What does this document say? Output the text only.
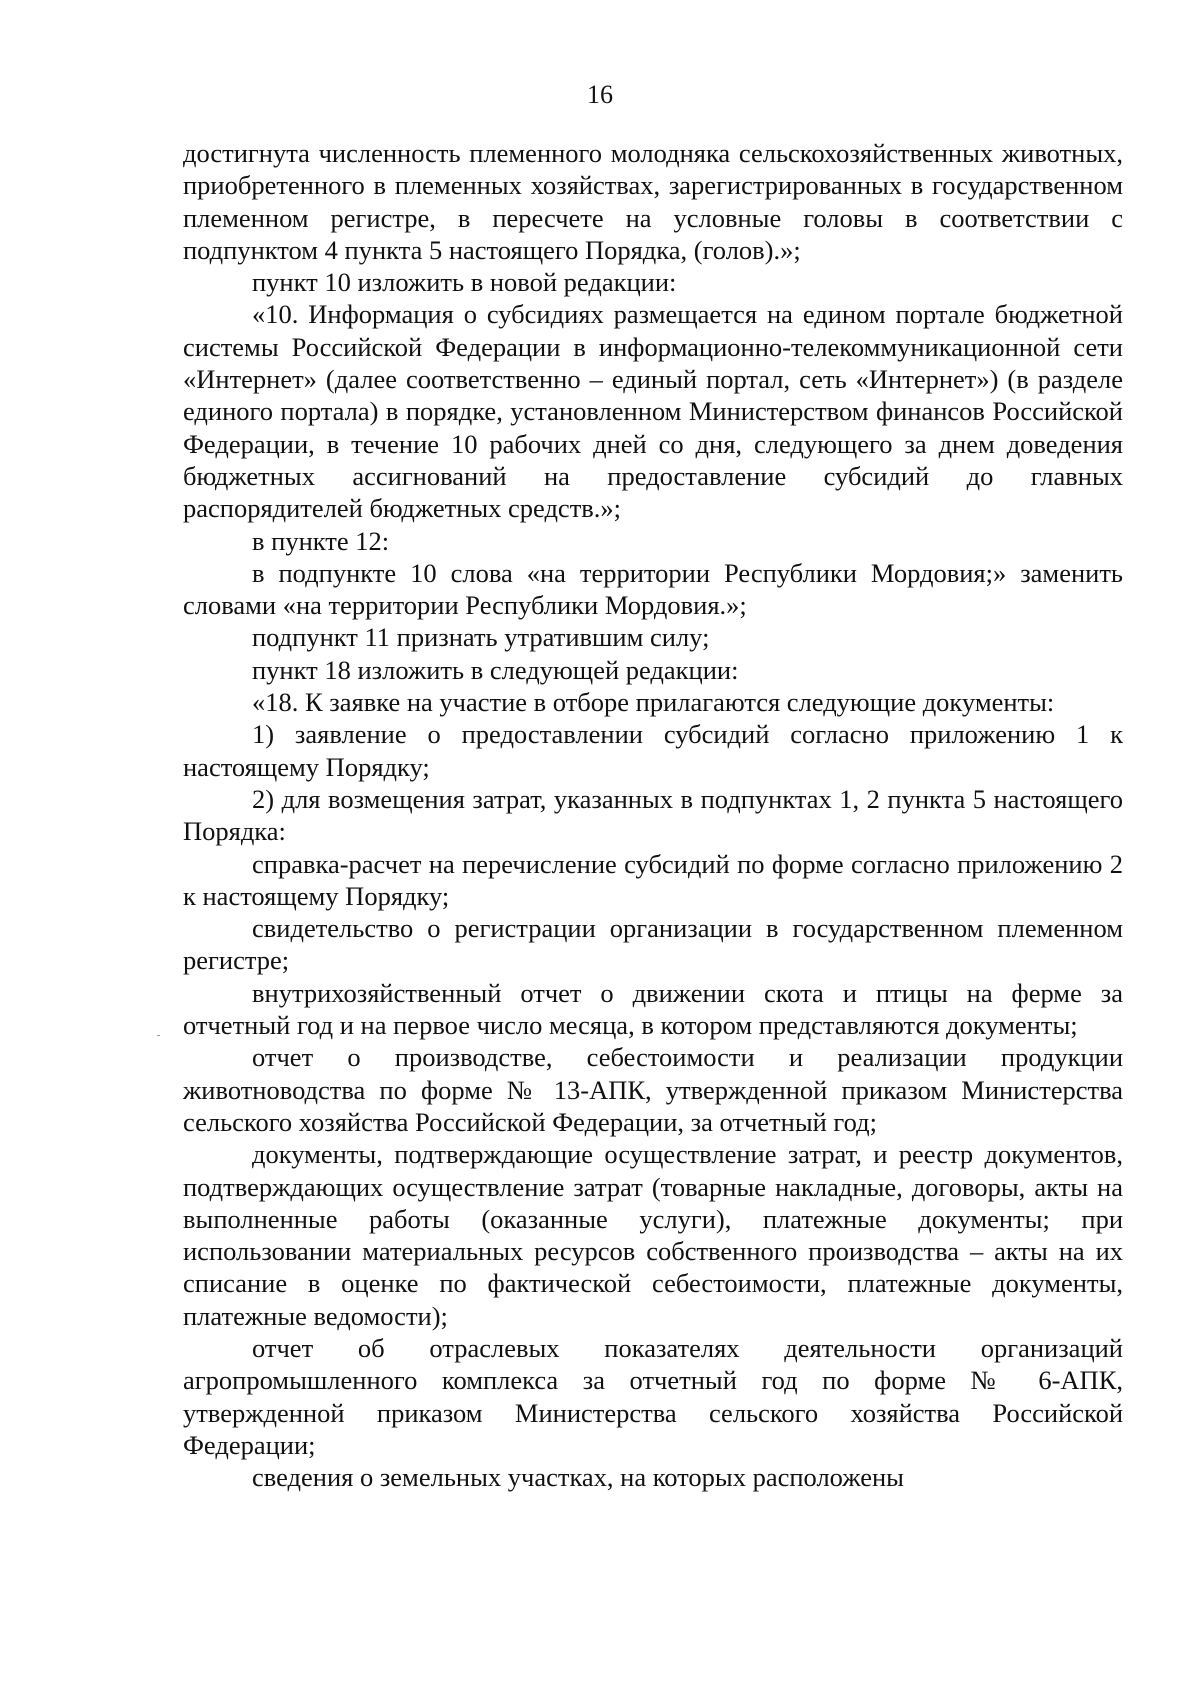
16

достигнута численность племенного молодняка сельскохозяйственных животных, приобретенного в племенных хозяйствах, зарегистрированных в государственном племенном регистре, в пересчете на условные головы в соответствии с подпунктом 4 пункта 5 настоящего Порядка, (голов).»;

пункт 10 изложить в новой редакции:

«10. Информация о субсидиях размещается на едином портале бюджетной системы Российской Федерации в информационно-телекоммуникационной сети «Интернет» (далее соответственно – единый портал, сеть «Интернет») (в разделе единого портала) в порядке, установленном Министерством финансов Российской Федерации, в течение 10 рабочих дней со дня, следующего за днем доведения бюджетных ассигнований на предоставление субсидий до главных распорядителей бюджетных средств.»;

в пункте 12:

в подпункте 10 слова «на территории Республики Мордовия;» заменить словами «на территории Республики Мордовия.»;

подпункт 11 признать утратившим силу;

пункт 18 изложить в следующей редакции:

«18. К заявке на участие в отборе прилагаются следующие документы:

1) заявление о предоставлении субсидий согласно приложению 1 к настоящему Порядку;

2) для возмещения затрат, указанных в подпунктах 1, 2 пункта 5 настоящего Порядка:

справка-расчет на перечисление субсидий по форме согласно приложению 2 к настоящему Порядку;

свидетельство о регистрации организации в государственном племенном регистре;

внутрихозяйственный отчет о движении скота и птицы на ферме за отчетный год и на первое число месяца, в котором представляются документы;

отчет о производстве, себестоимости и реализации продукции животноводства по форме № 13-АПК, утвержденной приказом Министерства сельского хозяйства Российской Федерации, за отчетный год;

документы, подтверждающие осуществление затрат, и реестр документов, подтверждающих осуществление затрат (товарные накладные, договоры, акты на выполненные работы (оказанные услуги), платежные документы; при использовании материальных ресурсов собственного производства – акты на их списание в оценке по фактической себестоимости, платежные документы, платежные ведомости);

отчет об отраслевых показателях деятельности организаций агропромышленного комплекса за отчетный год по форме № 6-АПК, утвержденной приказом Министерства сельского хозяйства Российской Федерации;

сведения о земельных участках, на которых расположены
